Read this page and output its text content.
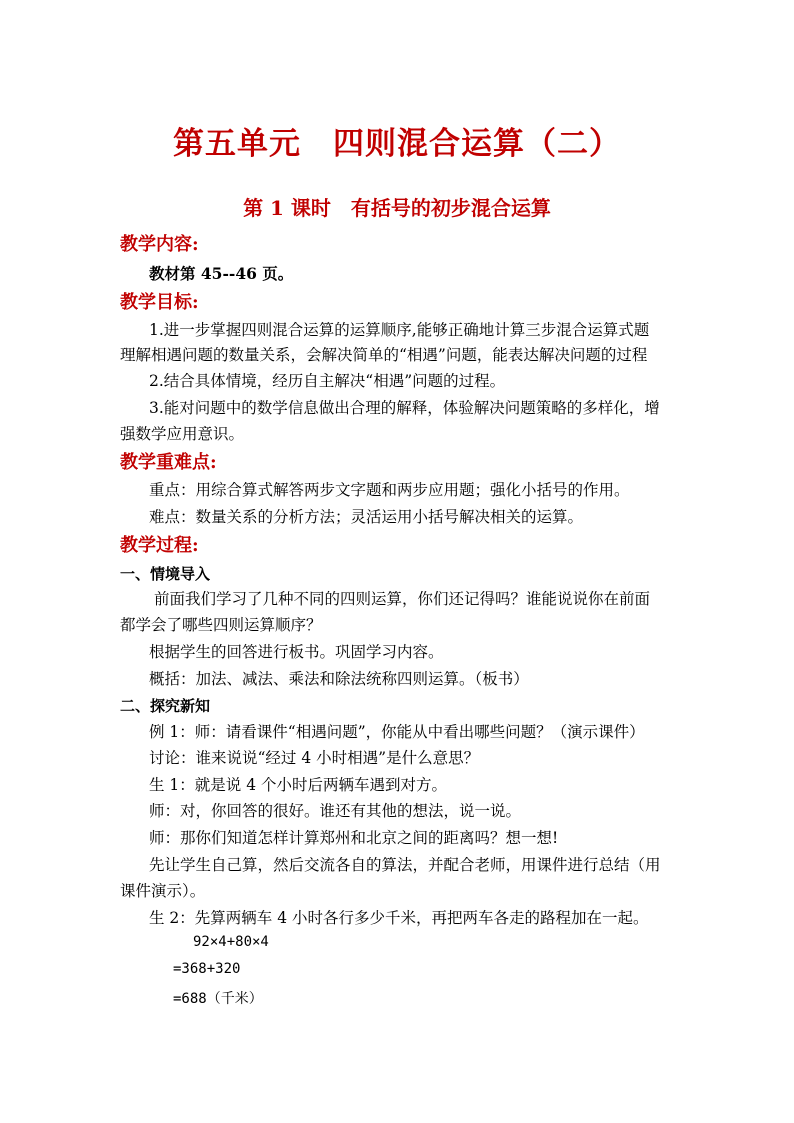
第五单元　四则混合运算（二）
第 1 课时　有括号的初步混合运算
教学内容:
教材第 45--46 页。
教学目标:
1.进一步掌握四则混合运算的运算顺序,能够正确地计算三步混合运算式题
理解相遇问题的数量关系，会解决简单的“相遇”问题，能表达解决问题的过程
2.结合具体情境，经历自主解决“相遇”问题的过程。
3.能对问题中的数学信息做出合理的解释，体验解决问题策略的多样化，增
强数学应用意识。
教学重难点:
重点：用综合算式解答两步文字题和两步应用题；强化小括号的作用。
难点：数量关系的分析方法；灵活运用小括号解决相关的运算。
教学过程:
一、情境导入
前面我们学习了几种不同的四则运算，你们还记得吗？谁能说说你在前面
都学会了哪些四则运算顺序？
根据学生的回答进行板书。巩固学习内容。
概括：加法、减法、乘法和除法统称四则运算。（板书）
二、探究新知
例 1：师：请看课件“相遇问题”，你能从中看出哪些问题？（演示课件）
讨论：谁来说说“经过 4 小时相遇”是什么意思？
生 1：就是说 4 个小时后两辆车遇到对方。
师：对，你回答的很好。谁还有其他的想法，说一说。
师：那你们知道怎样计算郑州和北京之间的距离吗？想一想!
先让学生自己算，然后交流各自的算法，并配合老师，用课件进行总结（用
课件演示）。
生 2：先算两辆车 4 小时各行多少千米，再把两车各走的路程加在一起。
92×4+80×4
=368+320
=688（千米）
